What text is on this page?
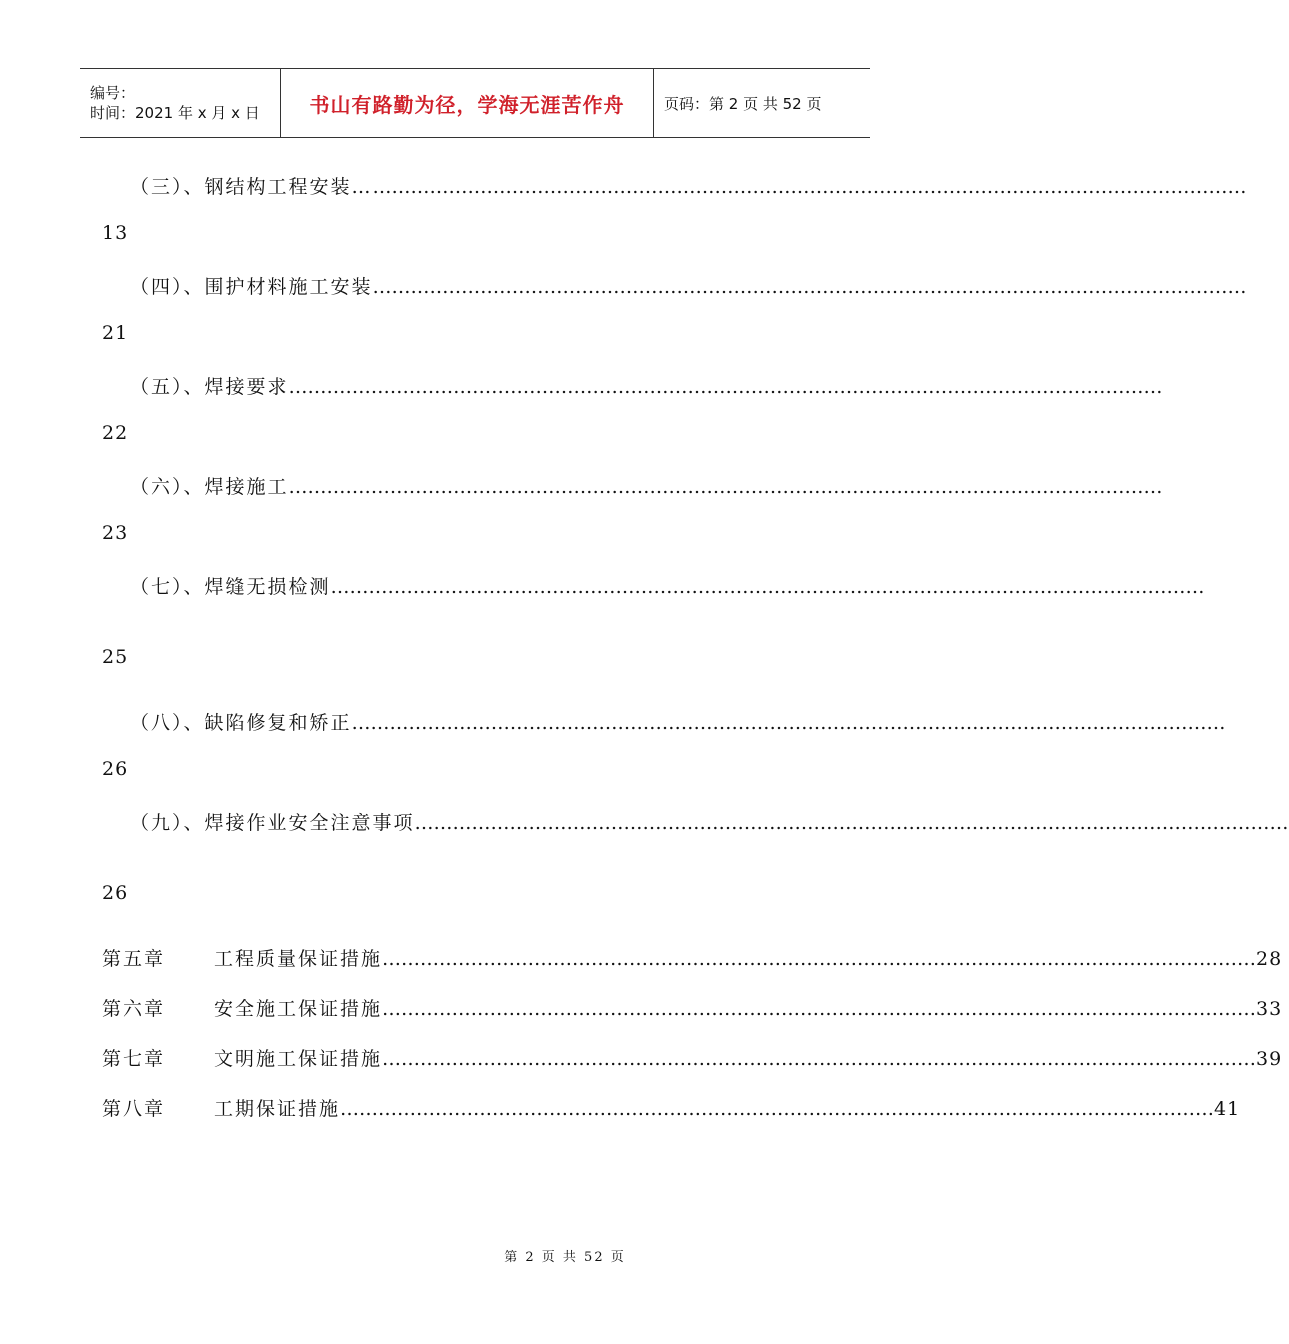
编号：
时间：2021 年 x 月 x 日	书山有路勤为径，学海无涯苦作舟	页码：第 2 页 共 52 页
（三）、钢结构工程安装… …………………………………………………………………………………………………………………………
13
（四）、围护材料施工安装 …………………………………………………………………………………………………………………………
21
（五）、焊接要求 …………………………………………………………………………………………………………………………
22
（六）、焊接施工 …………………………………………………………………………………………………………………………
23
（七）、焊缝无损检测 …………………………………………………………………………………………………………………………
25
（八）、缺陷修复和矫正 …………………………………………………………………………………………………………………………
26
（九）、焊接作业安全注意事项 …………………………………………………………………………………………………………………………
26
第五章	工程质量保证措施 ………………………………………………………………………………………………………………………… 28
第六章	安全施工保证措施 ………………………………………………………………………………………………………………………… 33
第七章	文明施工保证措施 ………………………………………………………………………………………………………………………… 39
第八章	工期保证措施 ………………………………………………………………………………………………………………………… 41
第 2 页 共 52 页
